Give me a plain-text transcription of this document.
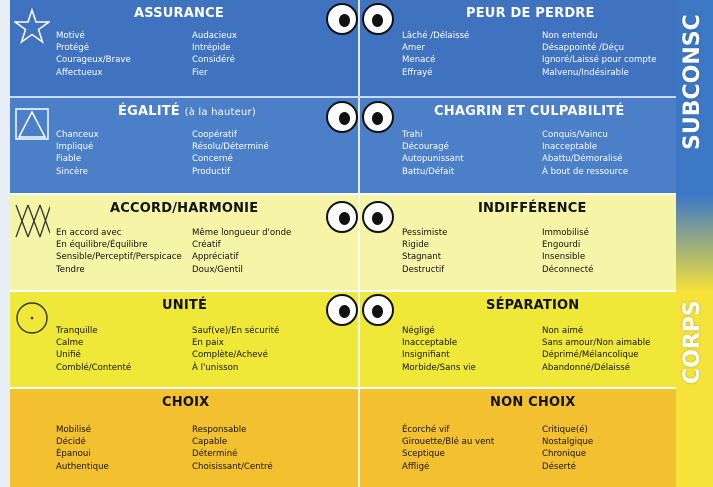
ASSURANCE
Motivé
Protégé
Courageux/Brave
Affectueux
Audacieux
Intrépide
Considéré
Fier
PEUR DE PERDRE
Lâché /Délaissé
Amer
Menacé
Effrayé
Non entendu
Désappointé /Déçu
Ignoré/Laissé pour compte
Malvenu/Indésirable
ÉGALITÉ (à la hauteur)
Chanceux
Impliqué
Fiable
Sincère
Coopératif
Résolu/Déterminé
Concerné
Productif
CHAGRIN ET CULPABILITÉ
Trahi
Découragé
Autopunissant
Battu/Défait
Conquis/Vaincu
Inacceptable
Abattu/Démoralisé
À bout de ressource
ACCORD/HARMONIE
En accord avec
En équilibre/Équilibre
Sensible/Perceptif/Perspicace
Tendre
Même longueur d'onde
Créatif
Appréciatif
Doux/Gentil
INDIFFÉRENCE
Pessimiste
Rigide
Stagnant
Destructif
Immobilisé
Engourdi
Insensible
Déconnecté
UNITÉ
Tranquille
Calme
Unifié
Comblé/Contenté
Sauf(ve)/En sécurité
En paix
Complète/Achevé
À l'unisson
SÉPARATION
Négligé
Inacceptable
Insignifiant
Morbide/Sans vie
Non aimé
Sans amour/Non aimable
Déprimé/Mélancolique
Abandonné/Délaissé
CHOIX
Mobilisé
Décidé
Épanoui
Authentique
Responsable
Capable
Déterminé
Choisissant/Centré
NON CHOIX
Écorché vif
Girouette/Blé au vent
Sceptique
Affligé
Critique(é)
Nostalgique
Chronique
Déserté
SUBCONSC
CORPS
